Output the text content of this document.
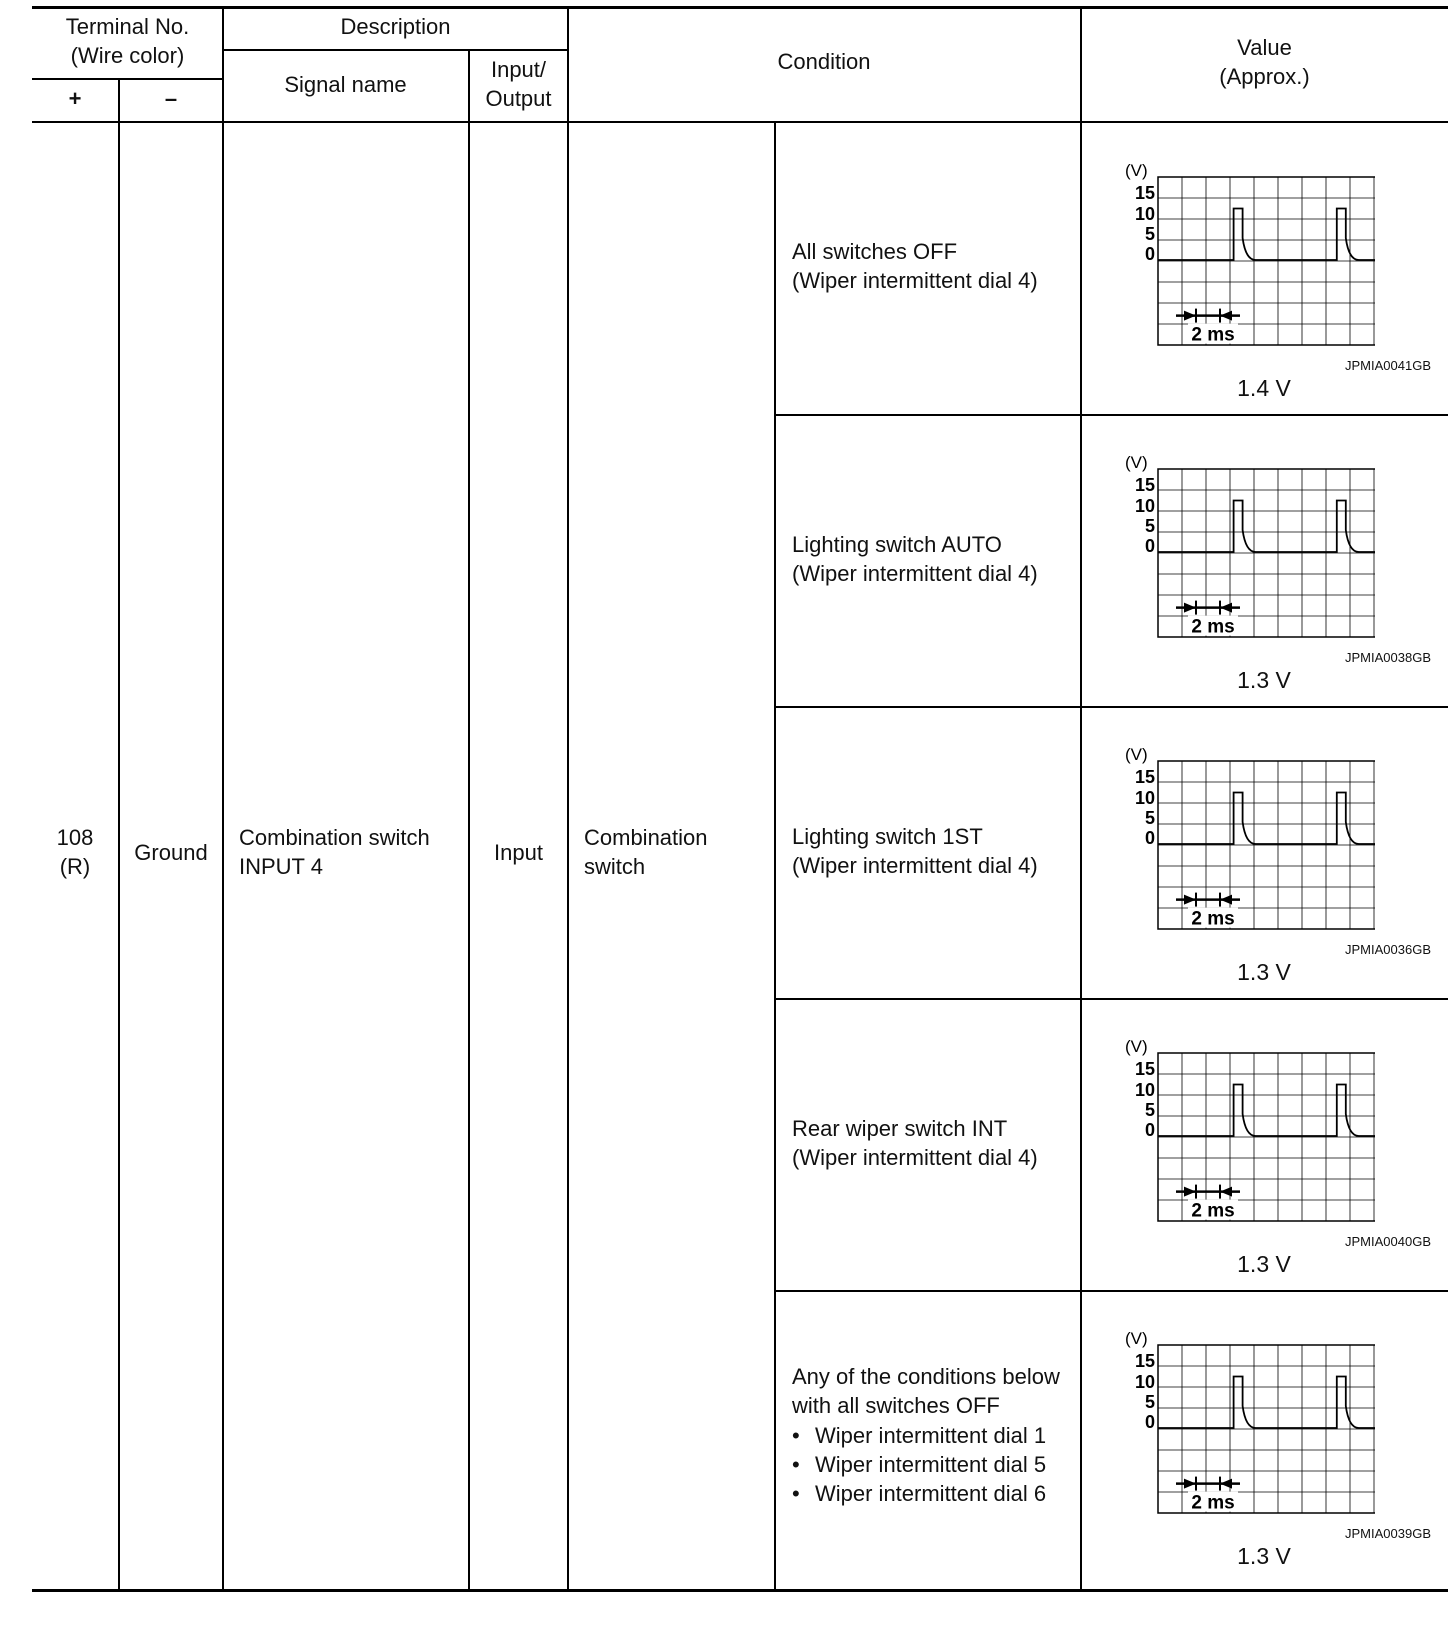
Terminal No.
(Wire color)
+	–
Description
Signal name
Input/
Output
Condition
Value
(Approx.)
108
(R)
Ground
Combination switch
INPUT 4
Input
Combination
switch
All switches OFF
(Wiper intermittent dial 4)
Lighting switch AUTO
(Wiper intermittent dial 4)
Lighting switch 1ST
(Wiper intermittent dial 4)
Rear wiper switch INT
(Wiper intermittent dial 4)
Any of the conditions below
with all switches OFF
• Wiper intermittent dial 1
• Wiper intermittent dial 5
• Wiper intermittent dial 6
(V)
15
10
5
0
2 ms
(V)
15
10
5
0
2 ms
(V)
15
10
5
0
2 ms
(V)
15
10
5
0
2 ms
(V)
15
10
5
0
2 ms
JPMIA0041GB
1.4 V
JPMIA0038GB
1.3 V
JPMIA0036GB
1.3 V
JPMIA0040GB
1.3 V
JPMIA0039GB
1.3 V
